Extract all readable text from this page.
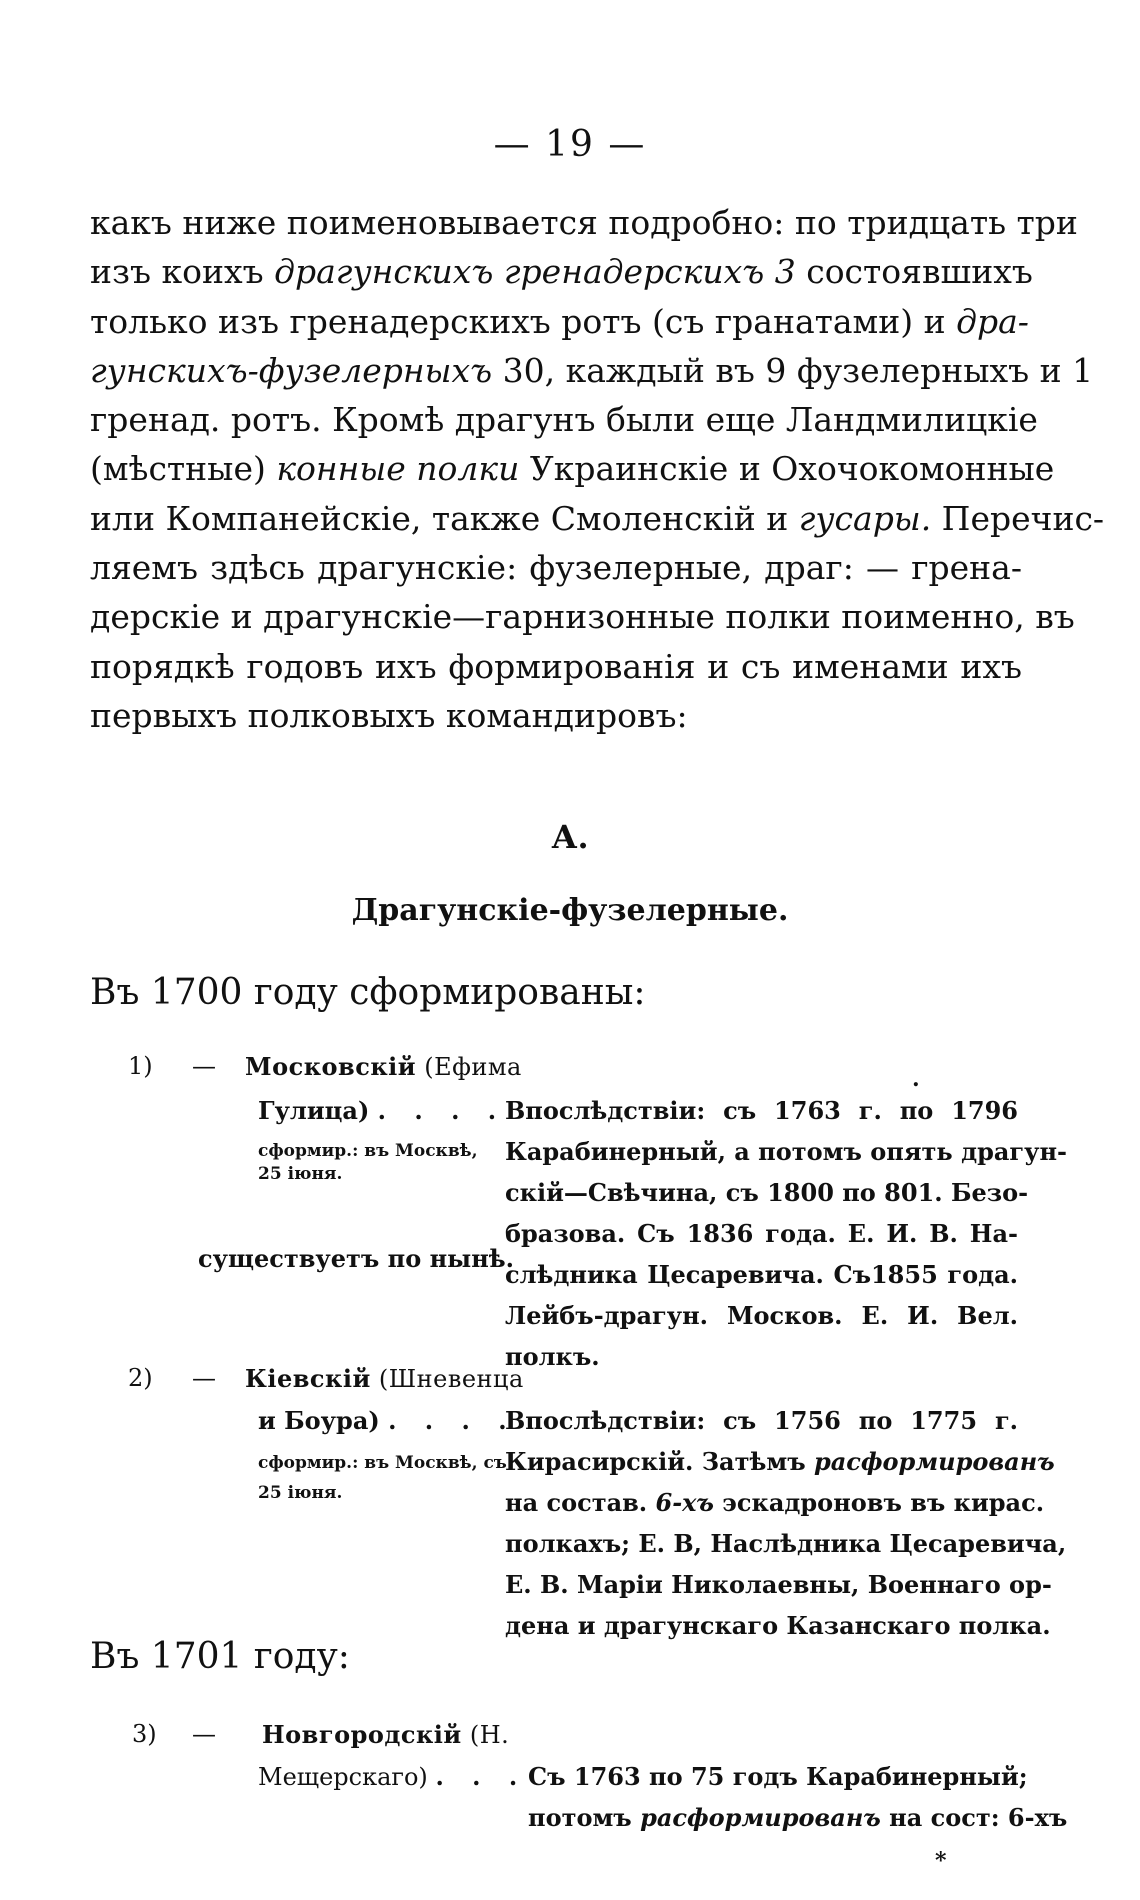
— 19 —
какъ ниже поименовывается подробно: по тридцать три
изъ коихъ драгунскихъ гренадерскихъ 3 состоявшихъ
только изъ гренадерскихъ ротъ (съ гранатами) и дра-
гунскихъ-фузелерныхъ 30, каждый въ 9 фузелерныхъ и 1
гренад. ротъ. Кромѣ драгунъ были еще Ландмилицкіе
(мѣстные) конные полки Украинскіе и Охочокомонные
или Компанейскіе, также Смоленскій и гусары. Перечис-
ляемъ здѣсь драгунскіе: фузелерные, драг: — грена-
дерскіе и драгунскіе—гарнизонные полки поименно, въ
порядкѣ годовъ ихъ формированія и съ именами ихъ
первыхъ полковыхъ командировъ:
А.
Драгунскіе-фузелерные.
Въ 1700 году сформированы:
1) — Московскій (Ефима	.
Гулица) . . . .
сформир.: въ Москвѣ,
25 іюня.
существуетъ по нынѣ.
Впослѣдствіи: съ 1763 г. по 1796
Карабинерный, а потомъ опять драгун-
скій—Свѣчина, съ 1800 по 801. Безо-
бразова. Съ 1836 года. Е. И. В. На-
слѣдника Цесаревича. Съ1855 года.
Лейбъ-драгун. Москов. Е. И. Вел.
полкъ.
2) — Кіевскій (Шневенца
и Боура) . . . .
сформир.: въ Москвѣ, съ
25 іюня.
Впослѣдствіи: съ 1756 по 1775 г.
Кирасирскій. Затѣмъ расформированъ
на состав. 6-хъ эскадроновъ въ кирас.
полкахъ; Е. В, Наслѣдника Цесаревича,
Е. В. Маріи Николаевны, Военнаго ор-
дена и драгунскаго Казанскаго полка.
Въ 1701 году:
3) — Новгородскій (Н.
Мещерскаго) . . . Съ 1763 по 75 годъ Карабинерный;
потомъ расформированъ на сост: 6-хъ
*
